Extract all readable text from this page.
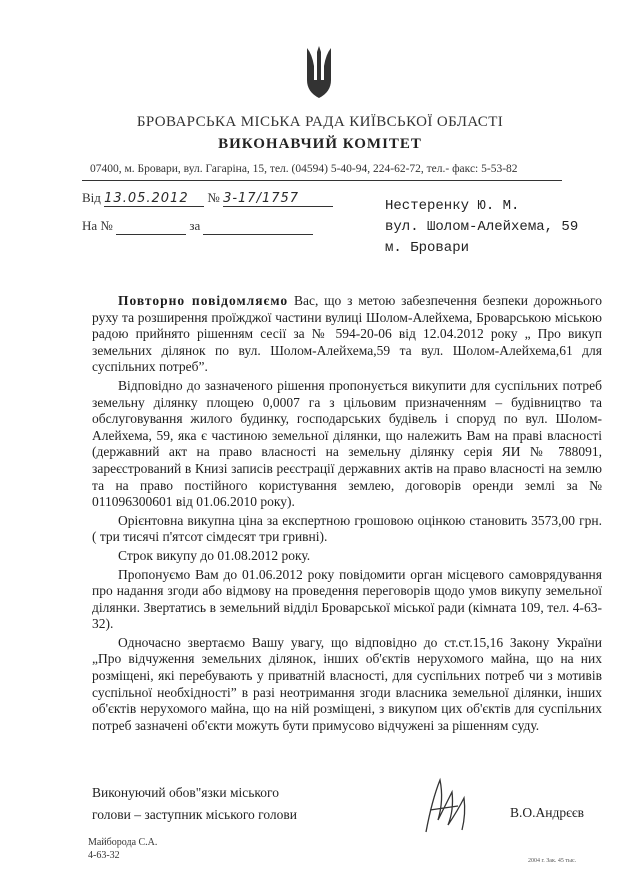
БРОВАРСЬКА МІСЬКА РАДА КИЇВСЬКОЇ ОБЛАСТІ
ВИКОНАВЧИЙ КОМІТЕТ
07400, м. Бровари, вул. Гагаріна, 15, тел. (04594) 5-40-94, 224-62-72, тел.- факс: 5-53-82
Від 13.05.2012 № 3-17/1757
На №	за
Нестеренку Ю. М.
вул. Шолом-Алейхема, 59
м. Бровари

Повторно повідомляємо Вас, що з метою забезпечення безпеки дорожнього руху та розширення проїжджої частини вулиці Шолом-Алейхема, Броварською міською радою прийнято рішенням сесії за № 594-20-06 від 12.04.2012 року „ Про викуп земельних ділянок по вул. Шолом-Алейхема,59 та вул. Шолом-Алейхема,61 для суспільних потреб”.

Відповідно до зазначеного рішення пропонується викупити для суспільних потреб земельну ділянку площею 0,0007 га з цільовим призначенням – будівництво та обслуговування жилого будинку, господарських будівель і споруд по вул. Шолом-Алейхема, 59, яка є частиною земельної ділянки, що належить Вам на праві власності (державний акт на право власності на земельну ділянку серія ЯИ № 788091, зареєстрований в Книзі записів реєстрації державних актів на право власності на землю та на право постійного користування землею, договорів оренди землі за № 011096300601 від 01.06.2010 року).

Орієнтовна викупна ціна за експертною грошовою оцінкою становить 3573,00 грн. ( три тисячі п'ятсот сімдесят три гривні).

Строк викупу до 01.08.2012 року.

Пропонуємо Вам до 01.06.2012 року повідомити орган місцевого самоврядування про надання згоди або відмову на проведення переговорів щодо умов викупу земельної ділянки. Звертатись в земельний відділ Броварської міської ради (кімната 109, тел. 4-63-32).

Одночасно звертаємо Вашу увагу, що відповідно до ст.ст.15,16 Закону України „Про відчуження земельних ділянок, інших об'єктів нерухомого майна, що на них розміщені, які перебувають у приватній власності, для суспільних потреб чи з мотивів суспільної необхідності” в разі неотримання згоди власника земельної ділянки, інших об'єктів нерухомого майна, що на ній розміщені, з викупом цих об'єктів для суспільних потреб зазначені об'єкти можуть бути примусово відчужені за рішенням суду.

Виконуючий обов"язки міського
голови – заступник міського голови	В.О.Андрєєв
Майборода С.А.
4-63-32	2004 г. Зак. 45 тыс.
